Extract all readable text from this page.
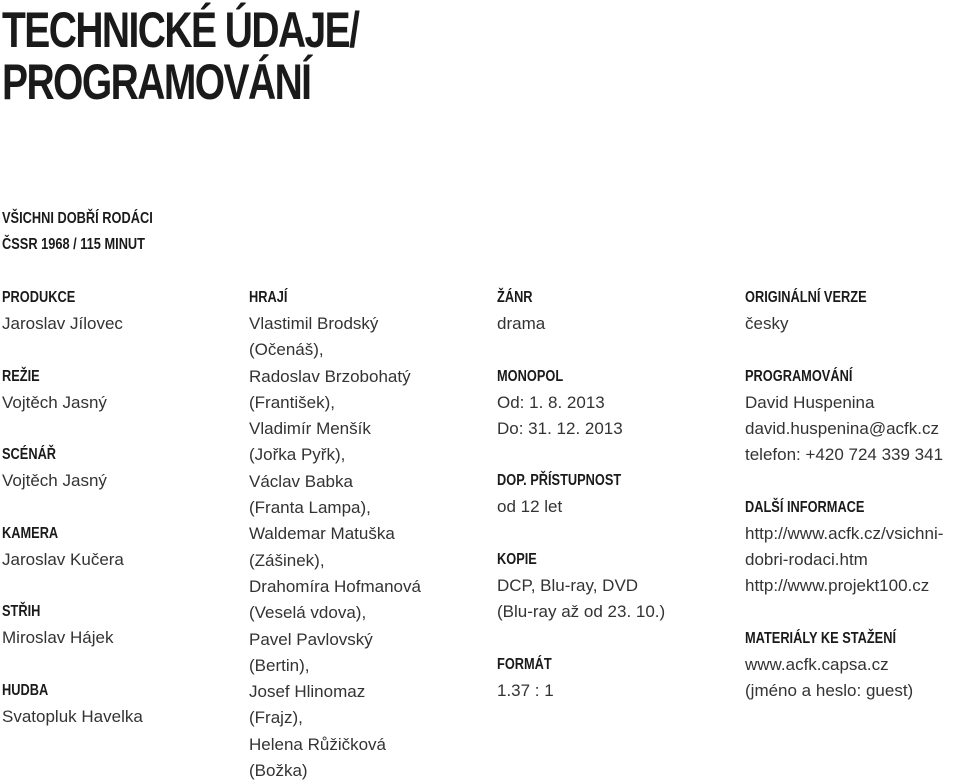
TECHNICKÉ ÚDAJE/
PROGRAMOVÁNÍ
VŠICHNI DOBŘÍ RODÁCI
ČSSR 1968 / 115 MINUT
PRODUKCE
Jaroslav Jílovec
REŽIE
Vojtěch Jasný
SCÉNÁŘ
Vojtěch Jasný
KAMERA
Jaroslav Kučera
STŘIH
Miroslav Hájek
HUDBA
Svatopluk Havelka
HRAJÍ
Vlastimil Brodský
(Očenáš),
Radoslav Brzobohatý
(František),
Vladimír Menšík
(Jořka Pyřk),
Václav Babka
(Franta Lampa),
Waldemar Matuška
(Zášinek),
Drahomíra Hofmanová
(Veselá vdova),
Pavel Pavlovský
(Bertin),
Josef Hlinomaz
(Frajz),
Helena Růžičková
(Božka)
ŽÁNR
drama
MONOPOL
Od: 1. 8. 2013
Do: 31. 12. 2013
DOP. PŘÍSTUPNOST
od 12 let
KOPIE
DCP, Blu-ray, DVD
(Blu-ray až od 23. 10.)
FORMÁT
1.37 : 1
ORIGINÁLNÍ VERZE
česky
PROGRAMOVÁNÍ
David Huspenina
david.huspenina@acfk.cz
telefon: +420 724 339 341
DALŠÍ INFORMACE
http://www.acfk.cz/vsichni-
dobri-rodaci.htm
http://www.projekt100.cz
MATERIÁLY KE STAŽENÍ
www.acfk.capsa.cz
(jméno a heslo: guest)
